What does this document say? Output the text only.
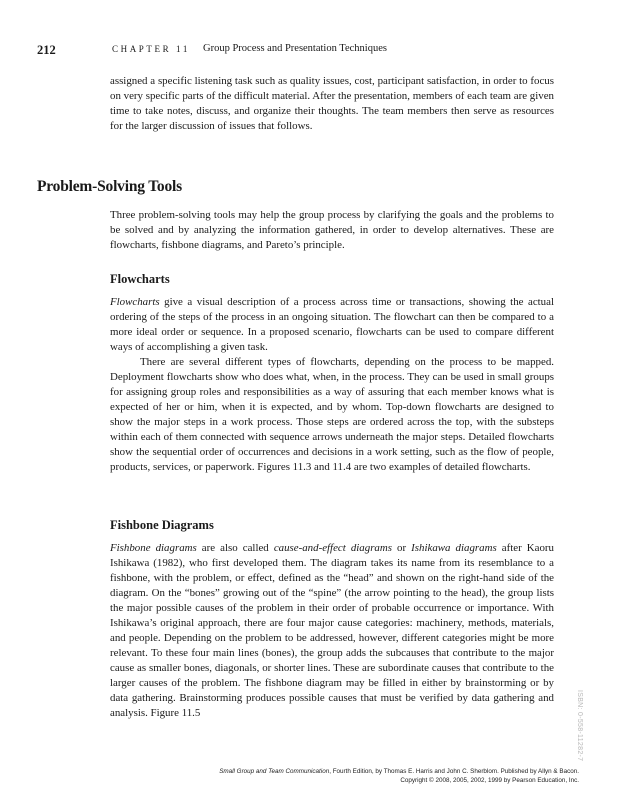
212	CHAPTER 11 Group Process and Presentation Techniques

assigned a specific listening task such as quality issues, cost, participant satisfaction, in order to focus on very specific parts of the difficult material. After the presentation, members of each team are given time to take notes, discuss, and organize their thoughts. The team members then serve as resources for the larger discussion of issues that follows.

Problem-Solving Tools

Three problem-solving tools may help the group process by clarifying the goals and the problems to be solved and by analyzing the information gathered, in order to develop alternatives. These are flowcharts, fishbone diagrams, and Pareto’s principle.

Flowcharts

Flowcharts give a visual description of a process across time or transactions, showing the actual ordering of the steps of the process in an ongoing situation. The flowchart can then be compared to a more ideal order or sequence. In a proposed scenario, flowcharts can be used to compare different ways of accomplishing a given task.

There are several different types of flowcharts, depending on the process to be mapped. Deployment flowcharts show who does what, when, in the process. They can be used in small groups for assigning group roles and responsibilities as a way of assuring that each member knows what is expected of her or him, when it is expected, and by whom. Top-down flowcharts are designed to show the major steps in a work process. Those steps are ordered across the top, with the substeps within each of them connected with sequence arrows underneath the major steps. Detailed flowcharts show the sequential order of occurrences and decisions in a work setting, such as the flow of people, products, services, or paperwork. Figures 11.3 and 11.4 are two examples of detailed flowcharts.

Fishbone Diagrams

Fishbone diagrams are also called cause-and-effect diagrams or Ishikawa diagrams after Kaoru Ishikawa (1982), who first developed them. The diagram takes its name from its resemblance to a fishbone, with the problem, or effect, defined as the “head” and shown on the right-hand side of the diagram. On the “bones” growing out of the “spine” (the arrow pointing to the head), the group lists the major possible causes of the problem in their order of probable occurrence or importance. With Ishikawa’s original approach, there are four major cause categories: machinery, methods, materials, and people. Depending on the problem to be addressed, however, different categories might be more relevant. To these four main lines (bones), the group adds the subcauses that contribute to the major cause as smaller bones, diagonals, or shorter lines. These are subordinate causes that contribute to the larger causes of the problem. The fishbone diagram may be filled in either by brainstorming or by data gathering. Brainstorming produces possible causes that must be verified by data gathering and analysis. Figure 11.5	ISBN: 0-558-11282-7
Small Group and Team Communication, Fourth Edition, by Thomas E. Harris and John C. Sherblom. Published by Allyn & Bacon.
Copyright © 2008, 2005, 2002, 1999 by Pearson Education, Inc.
